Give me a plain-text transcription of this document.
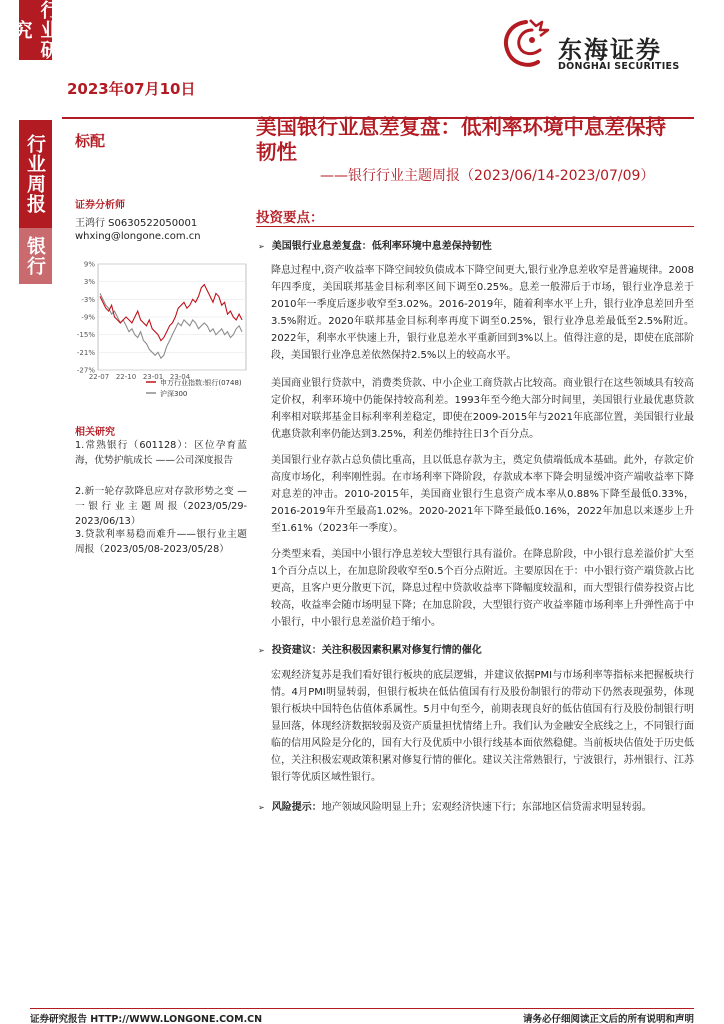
行业研究
行业周报
银行
2023年07月10日
东海证券
DONGHAI SECURITIES
标配
美国银行业息差复盘：低利率环境中息差保持韧性
——银行行业主题周报（2023/06/14-2023/07/09）
证券分析师
王鸿行 S0630522050001
whxing@longone.com.cn
9%
3%
-3%
-9%
-15%
-21%
-27%
22-07 22-10 23-01 23-04
申万行业指数:银行(0748)
沪深300
相关研究
1.常熟银行（601128）：区位孕育蓝海，优势护航成长 ——公司深度报告
2.新一轮存款降息应对存款形势之变 — 一 银 行 业 主 题 周 报（2023/05/29-2023/06/13）
3.贷款利率易稳而难升——银行业主题周报（2023/05/08-2023/05/28）
投资要点：
➢ 美国银行业息差复盘：低利率环境中息差保持韧性
降息过程中,资产收益率下降空间较负债成本下降空间更大,银行业净息差收窄是普遍规律。2008年四季度，美国联邦基金目标利率区间下调至0.25%。息差一般滞后于市场，银行业净息差于2010年一季度后逐步收窄至3.02%。2016-2019年，随着利率水平上升，银行业净息差回升至3.5%附近。2020年联邦基金目标利率再度下调至0.25%，银行业净息差最低至2.5%附近。2022年，利率水平快速上升，银行业息差水平重新回到3%以上。值得注意的是，即使在底部阶段，美国银行业净息差依然保持2.5%以上的较高水平。
美国商业银行贷款中，消费类贷款、中小企业工商贷款占比较高。商业银行在这些领域具有较高定价权，利率环境中仍能保持较高利差。1993年至今绝大部分时间里，美国银行业最优惠贷款利率相对联邦基金目标利率利差稳定，即使在2009-2015年与2021年底部位置，美国银行业最优惠贷款利率仍能达到3.25%，利差仍维持往日3个百分点。
美国银行业存款占总负债比重高，且以低息存款为主，奠定负债端低成本基础。此外，存款定价高度市场化，利率刚性弱。在市场利率下降阶段，存款成本率下降会明显缓冲资产端收益率下降对息差的冲击。2010-2015年，美国商业银行生息资产成本率从0.88%下降至最低0.33%，2016-2019年升至最高1.02%。2020-2021年下降至最低0.16%，2022年加息以来逐步上升至1.61%（2023年一季度）。
分类型来看，美国中小银行净息差较大型银行具有溢价。在降息阶段，中小银行息差溢价扩大至1个百分点以上，在加息阶段收窄至0.5个百分点附近。主要原因在于：中小银行资产端贷款占比更高，且客户更分散更下沉，降息过程中贷款收益率下降幅度较温和，而大型银行债券投资占比较高，收益率会随市场明显下降；在加息阶段，大型银行资产收益率随市场利率上升弹性高于中小银行，中小银行息差溢价趋于缩小。
➢ 投资建议：关注积极因素积累对修复行情的催化
宏观经济复苏是我们看好银行板块的底层逻辑，并建议依据PMI与市场利率等指标来把握板块行情。4月PMI明显转弱，但银行板块在低估值国有行及股份制银行的带动下仍然表现强势，体现银行板块中国特色估值体系属性。5月中旬至今，前期表现良好的低估值国有行及股份制银行明显回落，体现经济数据较弱及资产质量担忧情绪上升。我们认为金融安全底线之上，不同银行面临的信用风险是分化的，国有大行及优质中小银行线基本面依然稳健。当前板块估值处于历史低位，关注积极宏观政策积累对修复行情的催化。建议关注常熟银行，宁波银行，苏州银行、江苏银行等优质区域性银行。
➢ 风险提示：地产领域风险明显上升；宏观经济快速下行；东部地区信贷需求明显转弱。
证券研究报告 HTTP://WWW.LONGONE.COM.CN	请务必仔细阅读正文后的所有说明和声明
